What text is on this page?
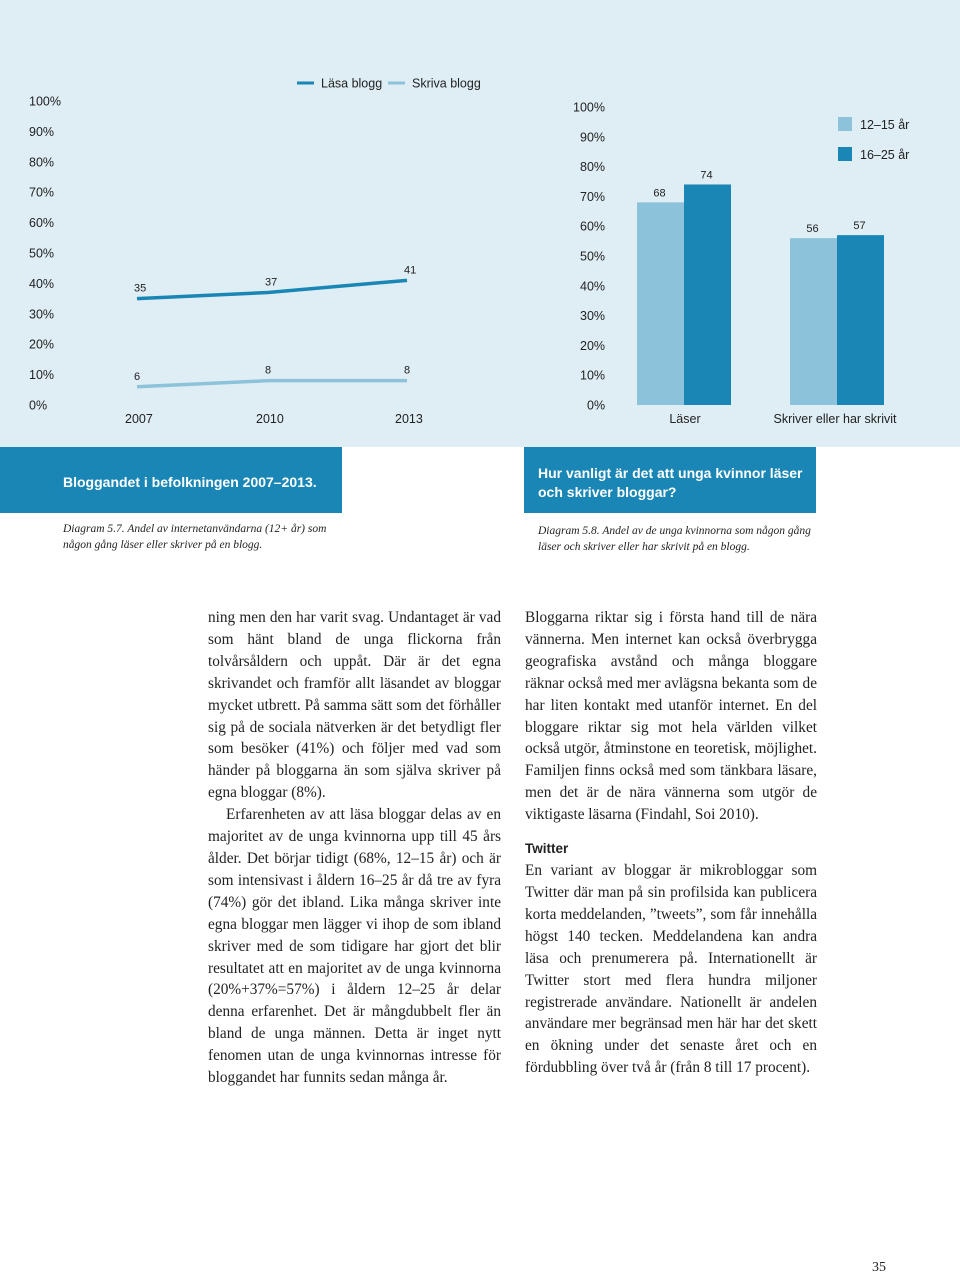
100%
90%
80%
70%
60%
50%
40%
30%
20%
10%
0%
2007	2010	2013
Läsa blogg Skriva blogg
35
37
41
6
8	8
100%
90%
80%
70%
60%
50%
40%
30%
20%
10%
0%
68
56
74
57
Läser	Skriver eller har skrivit
12–15 år
16–25 år
Bloggandet i befolkningen 2007–2013.
Hur vanligt är det att unga kvinnor läser och skriver bloggar?
Diagram 5.7. Andel av internetanvändarna (12+ år) som någon gång läser eller skriver på en blogg.
Diagram 5.8. Andel av de unga kvinnorna som någon gång läser och skriver eller har skrivit på en blogg.

ning men den har varit svag. Undantaget är vad som hänt bland de unga flickorna från tolvårsåldern och uppåt. Där är det egna skrivandet och framför allt läsandet av bloggar mycket utbrett. På samma sätt som det förhåller sig på de sociala nätverken är det betydligt fler som besöker (41%) och följer med vad som händer på bloggarna än som själva skriver på egna bloggar (8%).

Erfarenheten av att läsa bloggar delas av en majoritet av de unga kvinnorna upp till 45 års ålder. Det börjar tidigt (68%, 12–15 år) och är som intensivast i åldern 16–25 år då tre av fyra (74%) gör det ibland. Lika många skriver inte egna bloggar men lägger vi ihop de som ibland skriver med de som tidigare har gjort det blir resultatet att en majoritet av de unga kvinnorna (20%+37%=57%) i åldern 12–25 år delar denna erfarenhet. Det är mångdubbelt fler än bland de unga männen. Detta är inget nytt fenomen utan de unga kvinnornas intresse för bloggandet har funnits sedan många år.

Bloggarna riktar sig i första hand till de nära vännerna. Men internet kan också överbrygga geografiska avstånd och många bloggare räknar också med mer avlägsna bekanta som de har liten kontakt med utanför internet. En del bloggare riktar sig mot hela världen vilket också utgör, åtminstone en teoretisk, möjlighet. Familjen finns också med som tänkbara läsare, men det är de nära vännerna som utgör de viktigaste läsarna (Findahl, Soi 2010).

Twitter

En variant av bloggar är mikrobloggar som Twitter där man på sin profilsida kan publicera korta meddelanden, ”tweets”, som får innehålla högst 140 tecken. Meddelandena kan andra läsa och prenumerera på. Internationellt är Twitter stort med flera hundra miljoner registrerade användare. Nationellt är andelen användare mer begränsad men här har det skett en ökning under det senaste året och en fördubbling över två år (från 8 till 17 procent).

35
